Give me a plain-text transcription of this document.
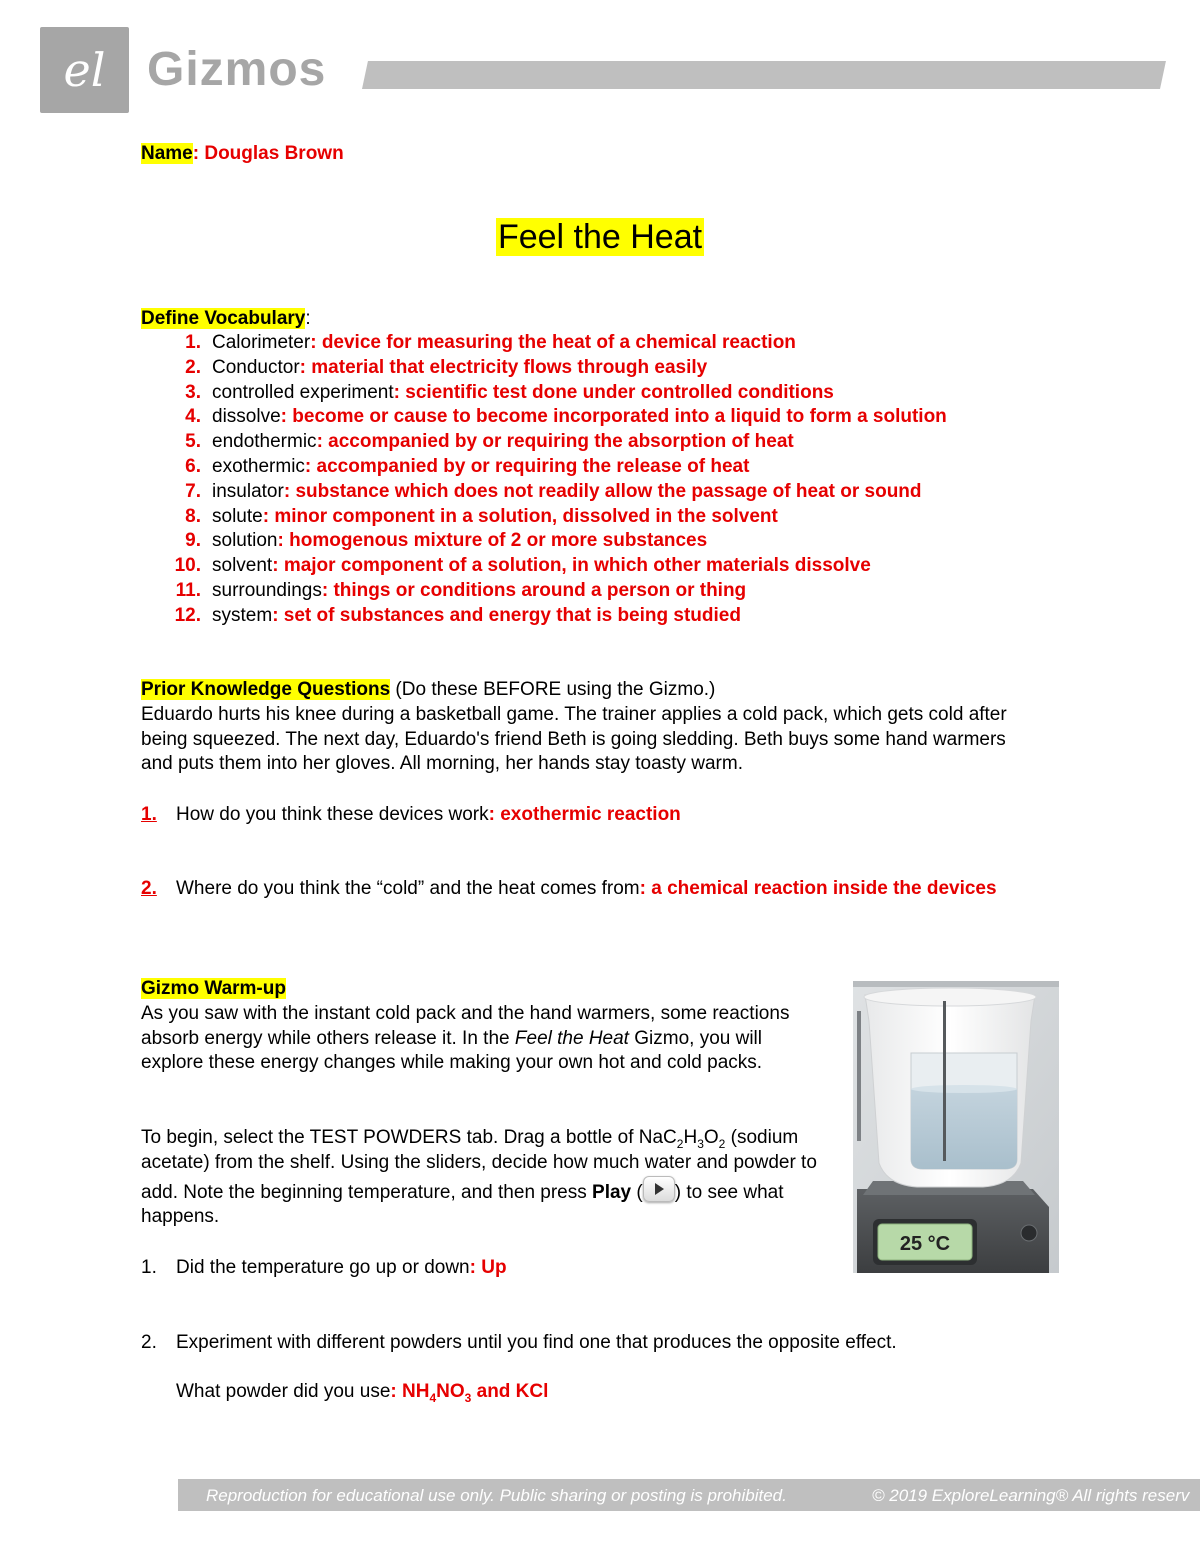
el Gizmos
Name: Douglas Brown
Feel the Heat
Define Vocabulary:
1. Calorimeter: device for measuring the heat of a chemical reaction
2. Conductor: material that electricity flows through easily
3. controlled experiment: scientific test done under controlled conditions
4. dissolve: become or cause to become incorporated into a liquid to form a solution
5. endothermic: accompanied by or requiring the absorption of heat
6. exothermic: accompanied by or requiring the release of heat
7. insulator: substance which does not readily allow the passage of heat or sound
8. solute: minor component in a solution, dissolved in the solvent
9. solution: homogenous mixture of 2 or more substances
10. solvent: major component of a solution, in which other materials dissolve
11. surroundings: things or conditions around a person or thing
12. system: set of substances and energy that is being studied
Prior Knowledge Questions (Do these BEFORE using the Gizmo.)
Eduardo hurts his knee during a basketball game. The trainer applies a cold pack, which gets cold after being squeezed. The next day, Eduardo's friend Beth is going sledding. Beth buys some hand warmers and puts them into her gloves. All morning, her hands stay toasty warm.
1. How do you think these devices work: exothermic reaction
2. Where do you think the “cold” and the heat comes from: a chemical reaction inside the devices
Gizmo Warm-up
As you saw with the instant cold pack and the hand warmers, some reactions absorb energy while others release it. In the Feel the Heat Gizmo, you will explore these energy changes while making your own hot and cold packs.
To begin, select the TEST POWDERS tab. Drag a bottle of $NaC_2H_3O_2$ (sodium acetate) from the shelf. Using the sliders, decide how much water and powder to add. Note the beginning temperature, and then press Play ( ) to see what happens.
1. Did the temperature go up or down: Up
2. Experiment with different powders until you find one that produces the opposite effect.
What powder did you use: $NH_4NO_3$ and KCl
25 °C
Reproduction for educational use only. Public sharing or posting is prohibited.	© 2019 ExploreLearning® All rights reserv
